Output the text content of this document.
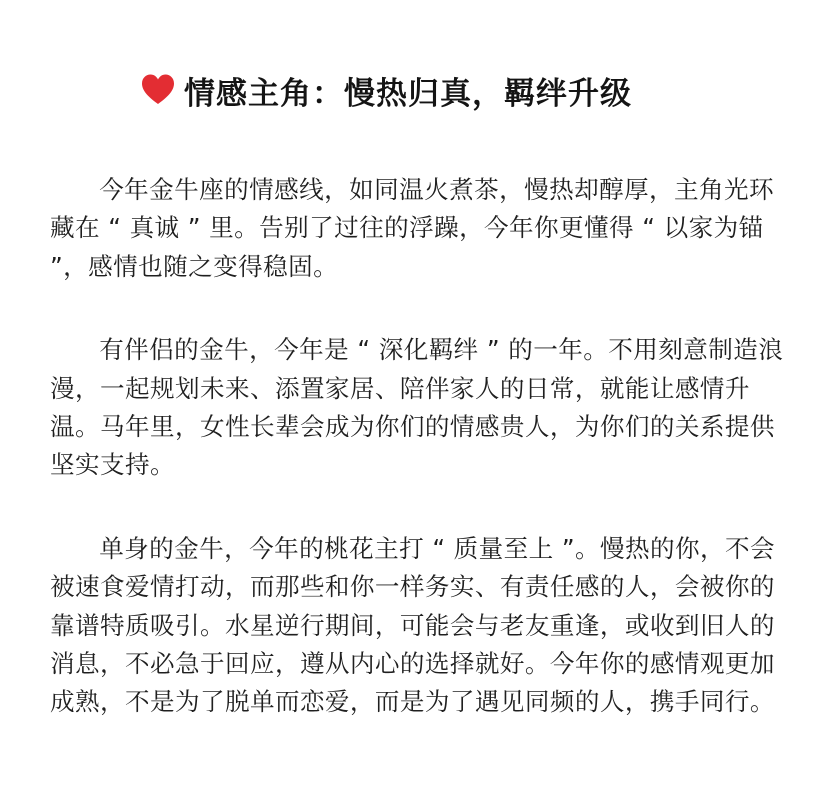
情感主角：慢热归真，羁绊升级

今年金牛座的情感线，如同温火煮茶，慢热却醇厚，主角光环藏在 “ 真诚 ” 里。告别了过往的浮躁，今年你更懂得 “ 以家为锚 ”，感情也随之变得稳固。

有伴侣的金牛，今年是 “ 深化羁绊 ” 的一年。不用刻意制造浪漫，一起规划未来、添置家居、陪伴家人的日常，就能让感情升温。马年里，女性长辈会成为你们的情感贵人，为你们的关系提供坚实支持。

单身的金牛，今年的桃花主打 “ 质量至上 ”。慢热的你，不会被速食爱情打动，而那些和你一样务实、有责任感的人，会被你的靠谱特质吸引。水星逆行期间，可能会与老友重逢，或收到旧人的消息，不必急于回应，遵从内心的选择就好。今年你的感情观更加成熟，不是为了脱单而恋爱，而是为了遇见同频的人，携手同行。
